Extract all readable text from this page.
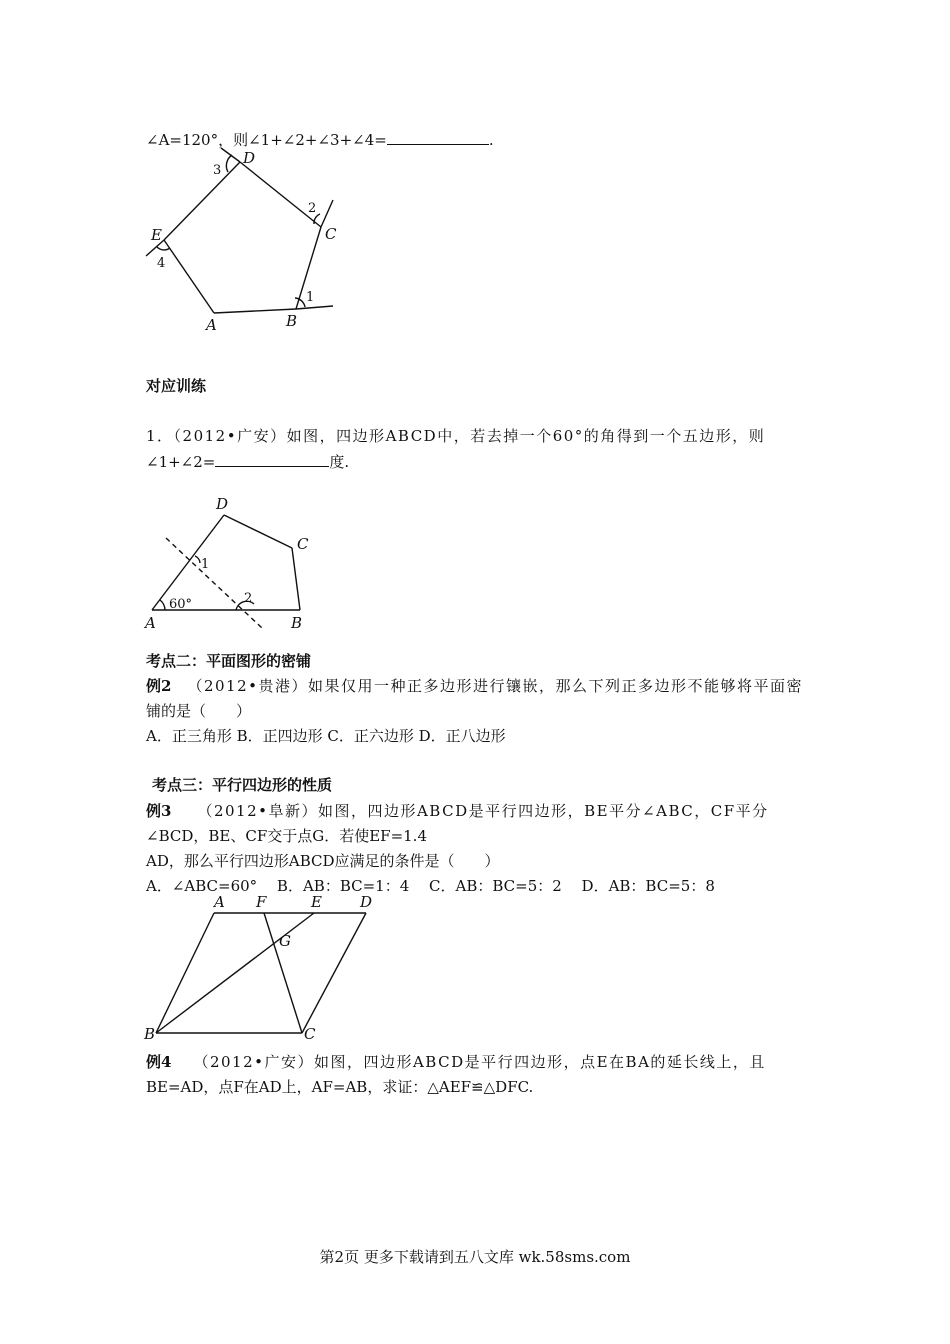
∠A=120°，则∠1+∠2+∠3+∠4=	.
D
C
E
A	B
1
2
3
4
对应训练
1．（2012•广安）如图，四边形ABCD中，若去掉一个60°的角得到一个五边形，则
∠1+∠2=	度.
D
C
A	B
1
2
60°
考点二：平面图形的密铺
例2 （2012•贵港）如果仅用一种正多边形进行镶嵌，那么下列正多边形不能够将平面密
铺的是（　　）
A．正三角形 B．正四边形 C．正六边形 D．正八边形
考点三：平行四边形的性质
例3 （2012•阜新）如图，四边形ABCD是平行四边形，BE平分∠ABC，CF平分
∠BCD，BE、CF交于点G．若使EF=1.4
AD，那么平行四边形ABCD应满足的条件是（　　）
A．∠ABC=60°　 B．AB：BC=1：4　 C．AB：BC=5：2　 D．AB：BC=5：8
A F	E	D
G
B	C
例4 （2012•广安）如图，四边形ABCD是平行四边形，点E在BA的延长线上，且
BE=AD，点F在AD上，AF=AB，求证：△AEF≌△DFC.
第2页 更多下载请到五八文库 wk.58sms.com
